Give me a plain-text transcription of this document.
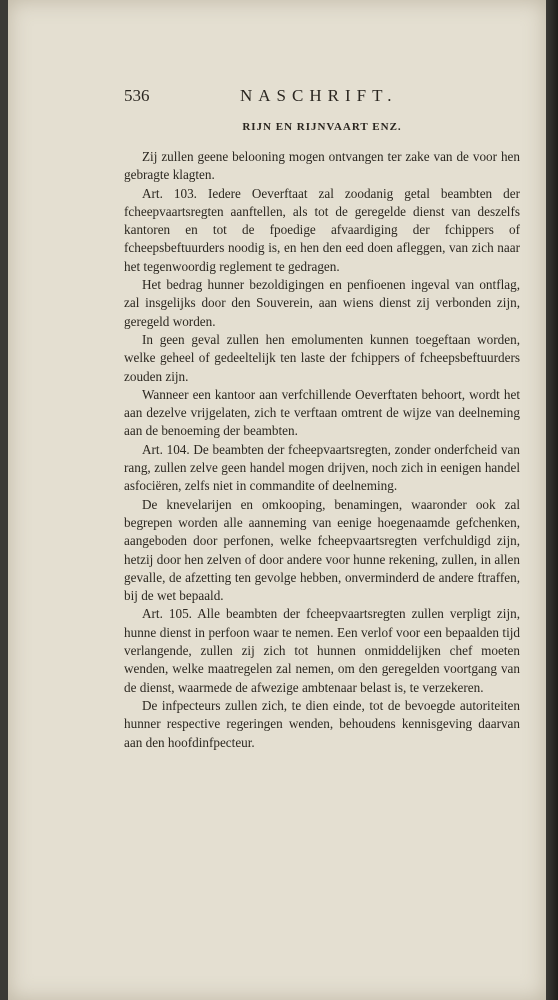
536	NASCHRIFT.
RIJN EN RIJNVAART ENZ.

Zij zullen geene belooning mogen ontvangen ter zake van de voor hen gebragte klagten.

Art. 103. Iedere Oeverftaat zal zoodanig getal beambten der fcheepvaartsregten aanftellen, als tot de geregelde dienst van deszelfs kantoren en tot de fpoedige afvaardiging der fchippers of fcheepsbeftuurders noodig is, en hen den eed doen afleggen, van zich naar het tegenwoordig reglement te gedragen.

Het bedrag hunner bezoldigingen en penfioenen ingeval van ontflag, zal insgelijks door den Souverein, aan wiens dienst zij verbonden zijn, geregeld worden.

In geen geval zullen hen emolumenten kunnen toegeftaan worden, welke geheel of gedeeltelijk ten laste der fchippers of fcheepsbeftuurders zouden zijn.

Wanneer een kantoor aan verfchillende Oeverftaten behoort, wordt het aan dezelve vrijgelaten, zich te verftaan omtrent de wijze van deelneming aan de benoeming der beambten.

Art. 104. De beambten der fcheepvaartsregten, zonder onderfcheid van rang, zullen zelve geen handel mogen drijven, noch zich in eenigen handel asfociëren, zelfs niet in commandite of deelneming.

De knevelarijen en omkooping, benamingen, waaronder ook zal begrepen worden alle aanneming van eenige hoegenaamde gefchenken, aangeboden door perfonen, welke fcheepvaartsregten verfchuldigd zijn, hetzij door hen zelven of door andere voor hunne rekening, zullen, in allen gevalle, de afzetting ten gevolge hebben, onverminderd de andere ftraffen, bij de wet bepaald.

Art. 105. Alle beambten der fcheepvaartsregten zullen verpligt zijn, hunne dienst in perfoon waar te nemen. Een verlof voor een bepaalden tijd verlangende, zullen zij zich tot hunnen onmiddelijken chef moeten wenden, welke maatregelen zal nemen, om den geregelden voortgang van de dienst, waarmede de afwezige ambtenaar belast is, te verzekeren.

De infpecteurs zullen zich, te dien einde, tot de bevoegde autoriteiten hunner respective regeringen wenden, behoudens kennisgeving daarvan aan den hoofdinfpecteur.
